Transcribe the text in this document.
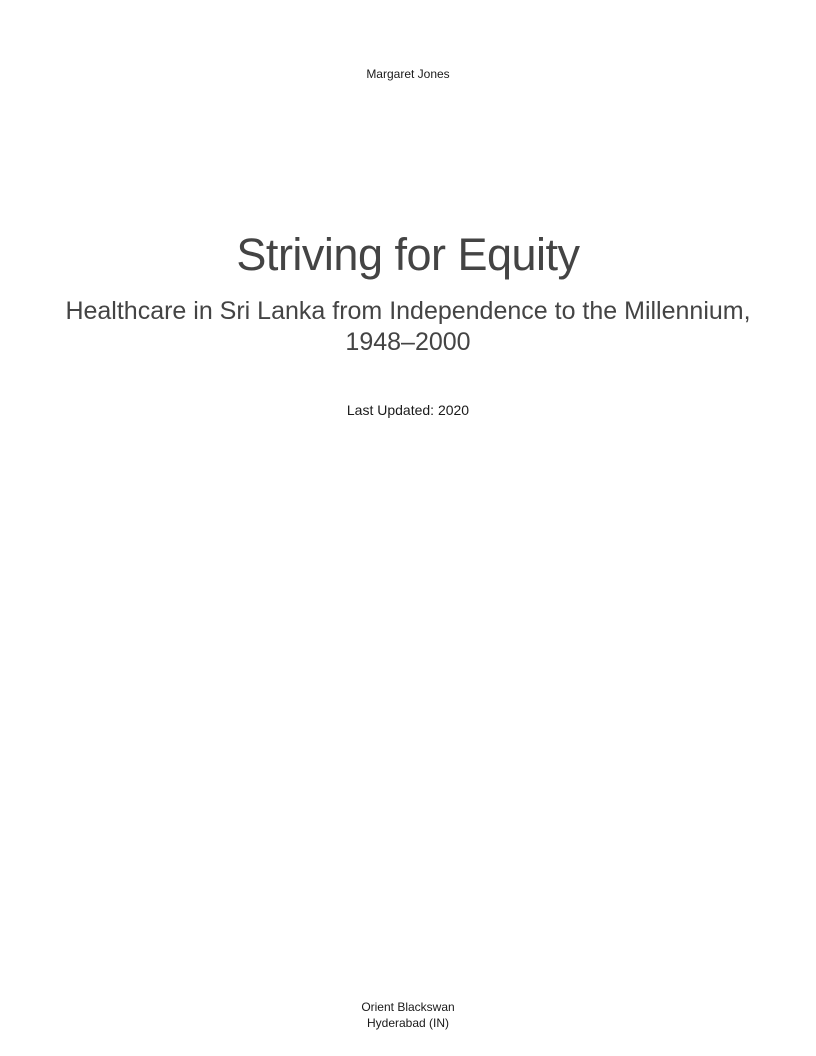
Margaret Jones
Striving for Equity
Healthcare in Sri Lanka from Independence to the Millennium,
1948–2000
Last Updated: 2020
Orient Blackswan
Hyderabad (IN)
